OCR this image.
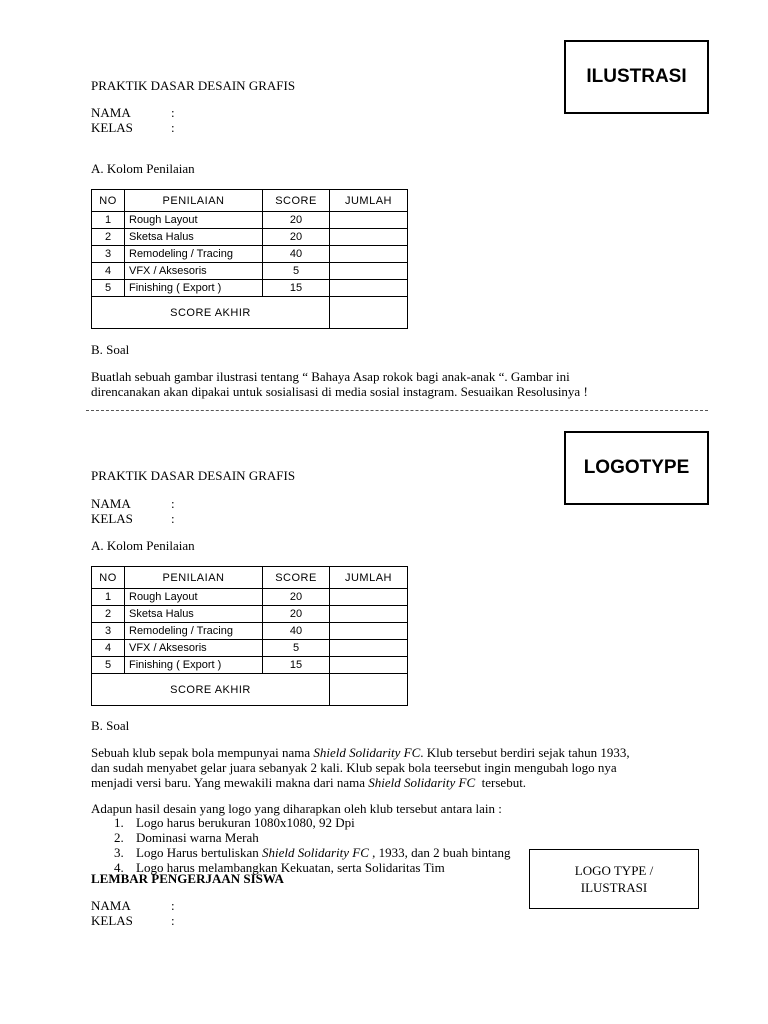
ILUSTRASI
PRAKTIK DASAR DESAIN GRAFIS
NAMA	:
KELAS	:
A. Kolom Penilaian
NO	PENILAIAN	SCORE	JUMLAH
1	Rough Layout	20	
2	Sketsa Halus	20	
3	Remodeling / Tracing	40	
4	VFX / Aksesoris	5	
5	Finishing ( Export )	15	
SCORE AKHIR			
B. Soal
Buatlah sebuah gambar ilustrasi tentang “ Bahaya Asap rokok bagi anak-anak “. Gambar ini
direncanakan akan dipakai untuk sosialisasi di media sosial instagram. Sesuaikan Resolusinya !
LOGOTYPE
PRAKTIK DASAR DESAIN GRAFIS
NAMA	:
KELAS	:
A. Kolom Penilaian
NO	PENILAIAN	SCORE	JUMLAH
1	Rough Layout	20	
2	Sketsa Halus	20	
3	Remodeling / Tracing	40	
4	VFX / Aksesoris	5	
5	Finishing ( Export )	15	
SCORE AKHIR			
B. Soal
Sebuah klub sepak bola mempunyai nama Shield Solidarity FC. Klub tersebut berdiri sejak tahun 1933,
dan sudah menyabet gelar juara sebanyak 2 kali. Klub sepak bola teersebut ingin mengubah logo nya
menjadi versi baru. Yang mewakili makna dari nama Shield Solidarity FC  tersebut.
Adapun hasil desain yang logo yang diharapkan oleh klub tersebut antara lain :
1. Logo harus berukuran 1080x1080, 92 Dpi
2. Dominasi warna Merah
3. Logo Harus bertuliskan Shield Solidarity FC , 1933, dan 2 buah bintang
4. Logo harus melambangkan Kekuatan, serta Solidaritas Tim	LOGO TYPE /
ILUSTRASI
LEMBAR PENGERJAAN SISWA
NAMA	:
KELAS	:
